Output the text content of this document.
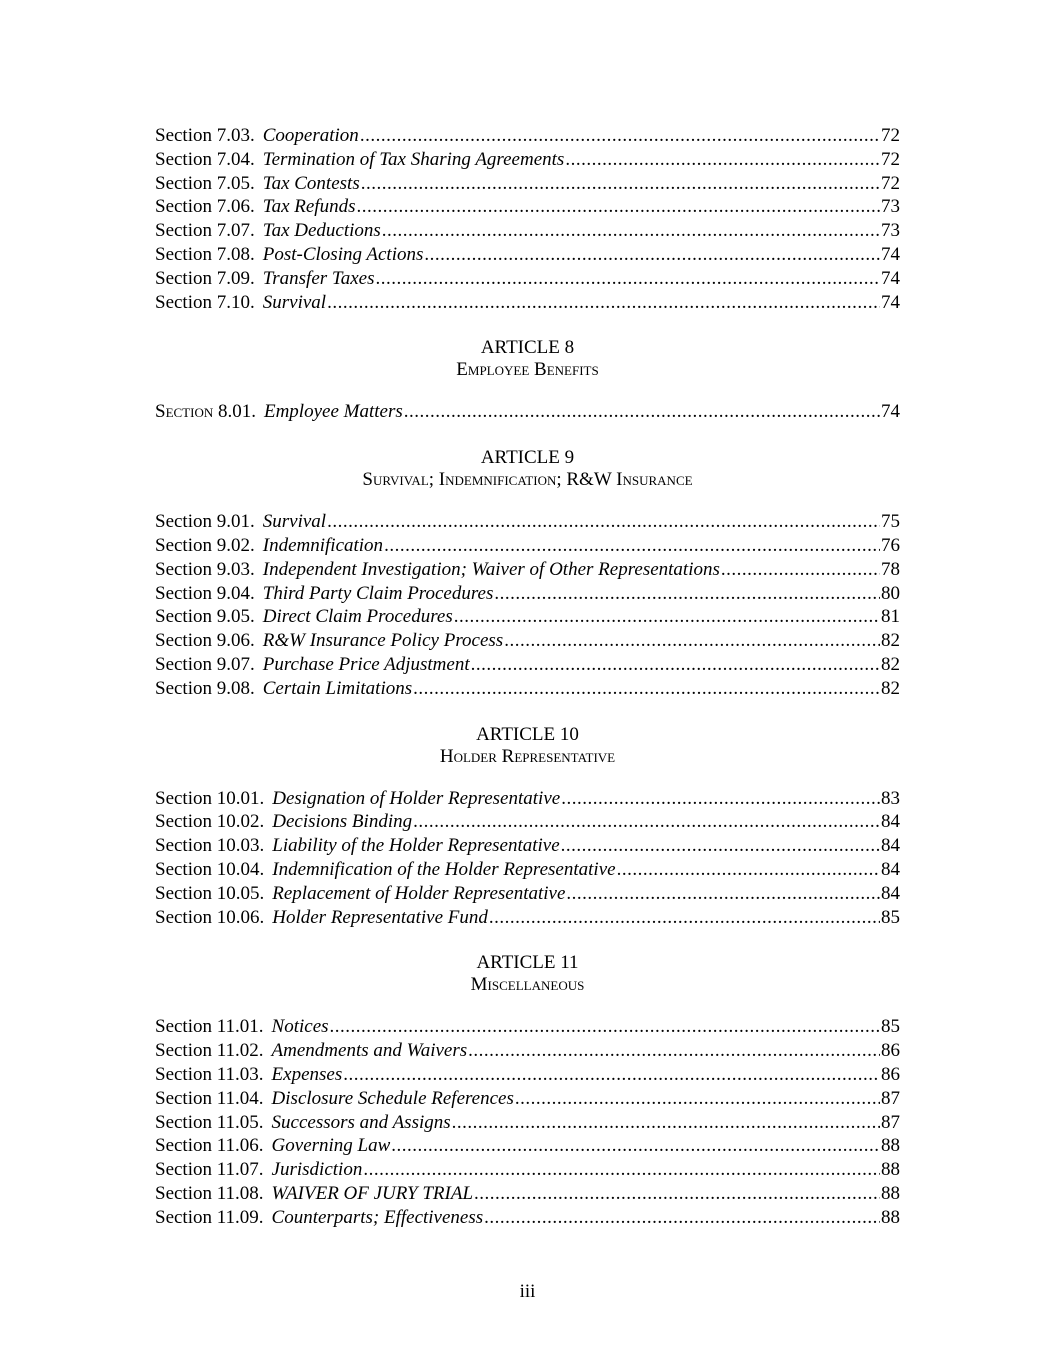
Section 7.03. Cooperation .....	72
Section 7.04. Termination of Tax Sharing Agreements .....	72
Section 7.05. Tax Contests .....	72
Section 7.06. Tax Refunds .....	73
Section 7.07. Tax Deductions .....	73
Section 7.08. Post-Closing Actions .....	74
Section 7.09. Transfer Taxes .....	74
Section 7.10. Survival .....	74
ARTICLE 8
Employee Benefits
Section 8.01. Employee Matters .....	74
ARTICLE 9
Survival; Indemnification; R&W Insurance
Section 9.01. Survival .....	75
Section 9.02. Indemnification .....	76
Section 9.03. Independent Investigation; Waiver of Other Representations .....	78
Section 9.04. Third Party Claim Procedures .....	80
Section 9.05. Direct Claim Procedures .....	81
Section 9.06. R&W Insurance Policy Process .....	82
Section 9.07. Purchase Price Adjustment .....	82
Section 9.08. Certain Limitations .....	82
ARTICLE 10
Holder Representative
Section 10.01. Designation of Holder Representative .....	83
Section 10.02. Decisions Binding .....	84
Section 10.03. Liability of the Holder Representative .....	84
Section 10.04. Indemnification of the Holder Representative .....	84
Section 10.05. Replacement of Holder Representative .....	84
Section 10.06. Holder Representative Fund .....	85
ARTICLE 11
Miscellaneous
Section 11.01. Notices .....	85
Section 11.02. Amendments and Waivers .....	86
Section 11.03. Expenses .....	86
Section 11.04. Disclosure Schedule References .....	87
Section 11.05. Successors and Assigns .....	87
Section 11.06. Governing Law .....	88
Section 11.07. Jurisdiction .....	88
Section 11.08. WAIVER OF JURY TRIAL .....	88
Section 11.09. Counterparts; Effectiveness .....	88
iii
